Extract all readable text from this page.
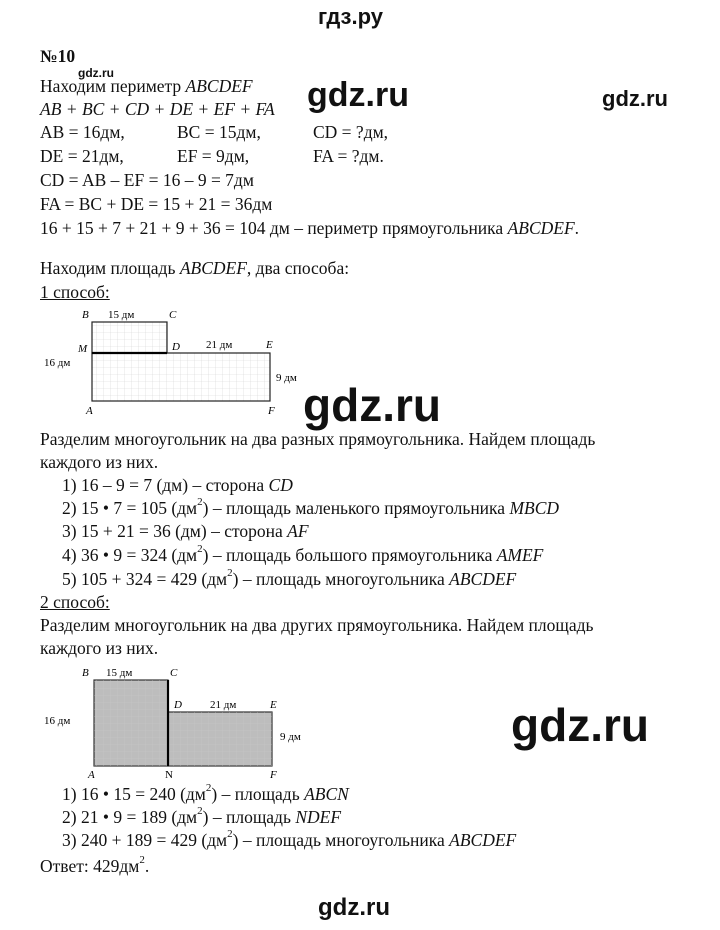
гдз.ру
gdz.ru
gdz.ru	gdz.ru
gdz.ru
gdz.ru
gdz.ru
№10
Находим периметр ABCDEF
AB + BC + CD + DE + EF + FA
AB = 16дм,	BC = 15дм,	CD = ?дм,
DE = 21дм,	EF = 9дм,	FA = ?дм.
CD = AB – EF = 16 – 9 = 7дм
FA = BC + DE = 15 + 21 = 36дм
16 + 15 + 7 + 21 + 9 + 36 = 104 дм – периметр прямоугольника ABCDEF.
Находим площадь ABCDEF, два способа:
1 способ:
B	C
M	D	E
A	F
15 дм
21 дм
16 дм
9 дм
Разделим многоугольник на два разных прямоугольника. Найдем площадь
каждого из них.
1) 16 – 9 = 7 (дм) – сторона CD
2) 15 • 7 = 105 $(дм^2)$ – площадь маленького прямоугольника MBCD
3) 15 + 21 = 36 (дм) – сторона AF
4) 36 • 9 = 324 $(дм^2)$ – площадь большого прямоугольника AMEF
5) 105 + 324 = 429 $(дм^2)$ – площадь многоугольника ABCDEF
2 способ:
Разделим многоугольник на два других прямоугольника. Найдем площадь
каждого из них.
B	C
D	E
A	N	F
15 дм
21 дм
16 дм
9 дм
1) 16 • 15 = 240 $(дм^2)$ – площадь ABCN
2) 21 • 9 = 189 $(дм^2)$ – площадь NDEF
3) 240 + 189 = 429 $(дм^2)$ – площадь многоугольника ABCDEF
Ответ: $429дм^2$.
